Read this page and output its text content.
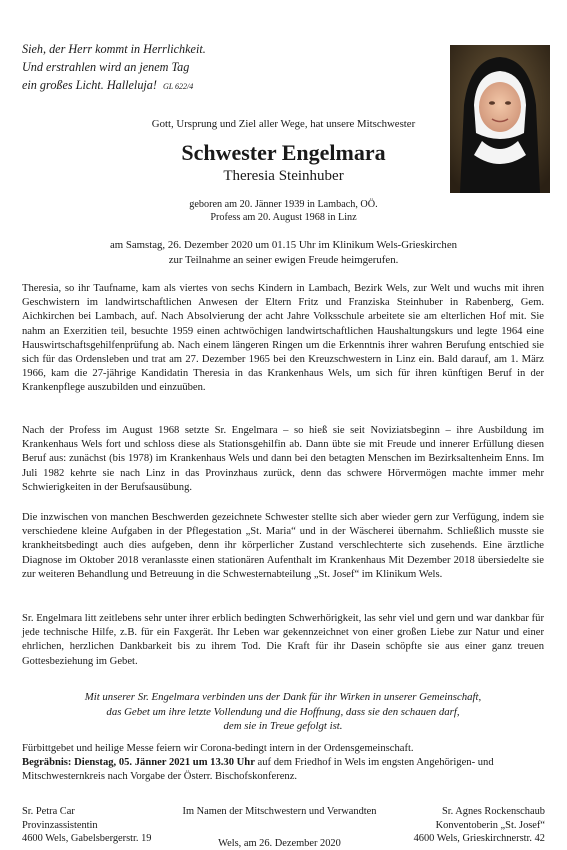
Sieh, der Herr kommt in Herrlichkeit.
Und erstrahlen wird an jenem Tag
ein großes Licht. Halleluja! GL 622/4
Gott, Ursprung und Ziel aller Wege, hat unsere Mitschwester
Schwester Engelmara
Theresia Steinhuber
geboren am 20. Jänner 1939 in Lambach, OÖ.
Profess am 20. August 1968 in Linz
am Samstag, 26. Dezember 2020 um 01.15 Uhr im Klinikum Wels-Grieskirchen
zur Teilnahme an seiner ewigen Freude heimgerufen.
Theresia, so ihr Taufname, kam als viertes von sechs Kindern in Lambach, Bezirk Wels, zur Welt und wuchs mit ihren Geschwistern im landwirtschaftlichen Anwesen der Eltern Fritz und Franziska Steinhuber in Rabenberg, Gem. Aichkirchen bei Lambach, auf. Nach Absolvierung der acht Jahre Volksschule arbeitete sie am elterlichen Hof mit. Sie nahm an Exerzitien teil, besuchte 1959 einen achtwöchigen landwirtschaftlichen Haushaltungskurs und legte 1964 eine Hauswirtschaftsgehilfenprüfung ab. Nach einem längeren Ringen um die Erkenntnis ihrer wahren Berufung entschied sie sich für das Ordensleben und trat am 27. Dezember 1965 bei den Kreuzschwestern in Linz ein. Bald darauf, am 1. März 1966, kam die 27-jährige Kandidatin Theresia in das Krankenhaus Wels, um sich für ihren künftigen Beruf in der Krankenpflege auszubilden und einzuüben.
Nach der Profess im August 1968 setzte Sr. Engelmara – so hieß sie seit Noviziatsbeginn – ihre Ausbildung im Krankenhaus Wels fort und schloss diese als Stationsgehilfin ab. Dann übte sie mit Freude und innerer Erfüllung diesen Beruf aus: zunächst (bis 1978) im Krankenhaus Wels und dann bei den betagten Menschen im Bezirksaltenheim Enns. Im Juli 1982 kehrte sie nach Linz in das Provinzhaus zurück, denn das schwere Hörvermögen machte immer mehr Schwierigkeiten in der Berufsausübung.
Die inzwischen von manchen Beschwerden gezeichnete Schwester stellte sich aber wieder gern zur Verfügung, indem sie verschiedene kleine Aufgaben in der Pflegestation „St. Maria“ und in der Wäscherei übernahm. Schließlich musste sie krankheitsbedingt auch dies aufgeben, denn ihr körperlicher Zustand verschlechterte sich zusehends. Eine ärztliche Diagnose im Oktober 2018 veranlasste einen stationären Aufenthalt im Krankenhaus Mit Dezember 2018 übersiedelte sie zur weiteren Behandlung und Betreuung in die Schwesternabteilung „St. Josef“ im Klinikum Wels.
Sr. Engelmara litt zeitlebens sehr unter ihrer erblich bedingten Schwerhörigkeit, las sehr viel und gern und war dankbar für jede technische Hilfe, z.B. für ein Faxgerät. Ihr Leben war gekennzeichnet von einer großen Liebe zur Natur und einer ehrlichen, herzlichen Dankbarkeit bis zu ihrem Tod. Die Kraft für ihr Dasein schöpfte sie aus einer ganz treuen Gottesbeziehung im Gebet.
Mit unserer Sr. Engelmara verbinden uns der Dank für ihr Wirken in unserer Gemeinschaft,
das Gebet um ihre letzte Vollendung und die Hoffnung, dass sie den schauen darf,
dem sie in Treue gefolgt ist.
Fürbittgebet und heilige Messe feiern wir Corona-bedingt intern in der Ordensgemeinschaft.
Begräbnis: Dienstag, 05. Jänner 2021 um 13.30 Uhr auf dem Friedhof in Wels im engsten Angehörigen- und Mitschwesternkreis nach Vorgabe der Österr. Bischofskonferenz.
Sr. Petra Car
Provinzassistentin
4600 Wels, Gabelsbergerstr. 19
Im Namen der Mitschwestern und Verwandten
Wels, am 26. Dezember 2020
Sr. Agnes Rockenschaub
Konventoberin „St. Josef“
4600 Wels, Grieskirchnerstr. 42
